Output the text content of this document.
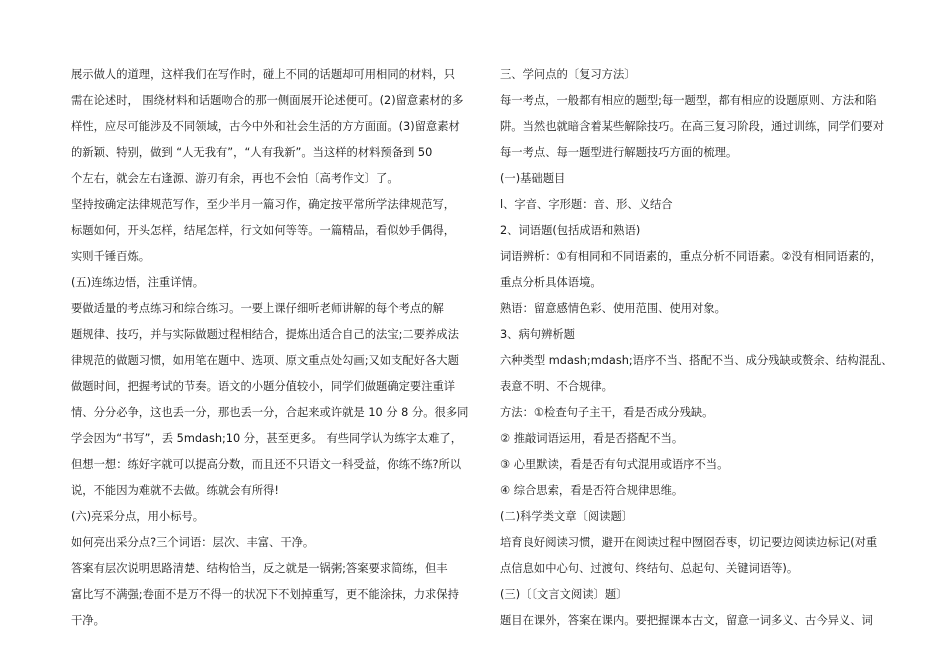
展示做人的道理，这样我们在写作时，碰上不同的话题却可用相同的材料，只
需在论述时， 围绕材料和话题吻合的那一侧面展开论述便可。(2)留意素材的多
样性，应尽可能涉及不同领域，古今中外和社会生活的方方面面。(3)留意素材
的新颖、特别，做到 “人无我有”，“人有我新”。当这样的材料预备到 50
个左右，就会左右逢源、游刃有余，再也不会怕〔高考作文〕了。
坚持按确定法律规范写作，至少半月一篇习作，确定按平常所学法律规范写，
标题如何，开头怎样，结尾怎样，行文如何等等。一篇精品，看似妙手偶得，
实则千锤百炼。
(五)连练边悟，注重详情。
要做适量的考点练习和综合练习。一要上课仔细听老师讲解的每个考点的解
题规律、技巧，并与实际做题过程相结合，提炼出适合自己的法宝;二要养成法
律规范的做题习惯，如用笔在题中、选项、原文重点处勾画;又如支配好各大题
做题时间，把握考试的节奏。语文的小题分值较小，同学们做题确定要注重详
情、分分必争，这也丢一分，那也丢一分，合起来或许就是 10 分 8 分。很多同
学会因为“书写”，丢 5mdash;10 分，甚至更多。 有些同学认为练字太难了，
但想一想：练好字就可以提高分数，而且还不只语文一科受益，你练不练?所以
说，不能因为难就不去做。练就会有所得!
(六)亮采分点，用小标号。
如何亮出采分点?三个词语：层次、丰富、干净。
答案有层次说明思路清楚、结构恰当，反之就是一锅粥;答案要求简练，但丰
富比写不满强;卷面不是万不得一的状况下不划掉重写，更不能涂抹，力求保持
干净。
三、学问点的〔复习方法〕
每一考点，一般都有相应的题型;每一题型，都有相应的设题原则、方法和陷
阱。当然也就暗含着某些解除技巧。在高三复习阶段，通过训练，同学们要对
每一考点、每一题型进行解题技巧方面的梳理。
(一)基础题目
l、字音、字形题：音、形、义结合
2、词语题(包括成语和熟语)
词语辨析：①有相同和不同语素的，重点分析不同语素。②没有相同语素的，
重点分析具体语境。
熟语：留意感情色彩、使用范围、使用对象。
3、病句辨析题
六种类型 mdash;mdash;语序不当、搭配不当、成分残缺或赘余、结构混乱、
表意不明、不合规律。
方法：①检查句子主干，看是否成分残缺。
② 推敲词语运用，看是否搭配不当。
③ 心里默读，看是否有句式混用或语序不当。
④ 综合思索，看是否符合规律思维。
(二)科学类文章〔阅读题〕
培育良好阅读习惯，避开在阅读过程中囫囵吞枣，切记要边阅读边标记(对重
点信息如中心句、过渡句、终结句、总起句、关键词语等)。
(三)〔〔文言文阅读〕题〕
题目在课外，答案在课内。要把握课本古文，留意一词多义、古今异义、词
